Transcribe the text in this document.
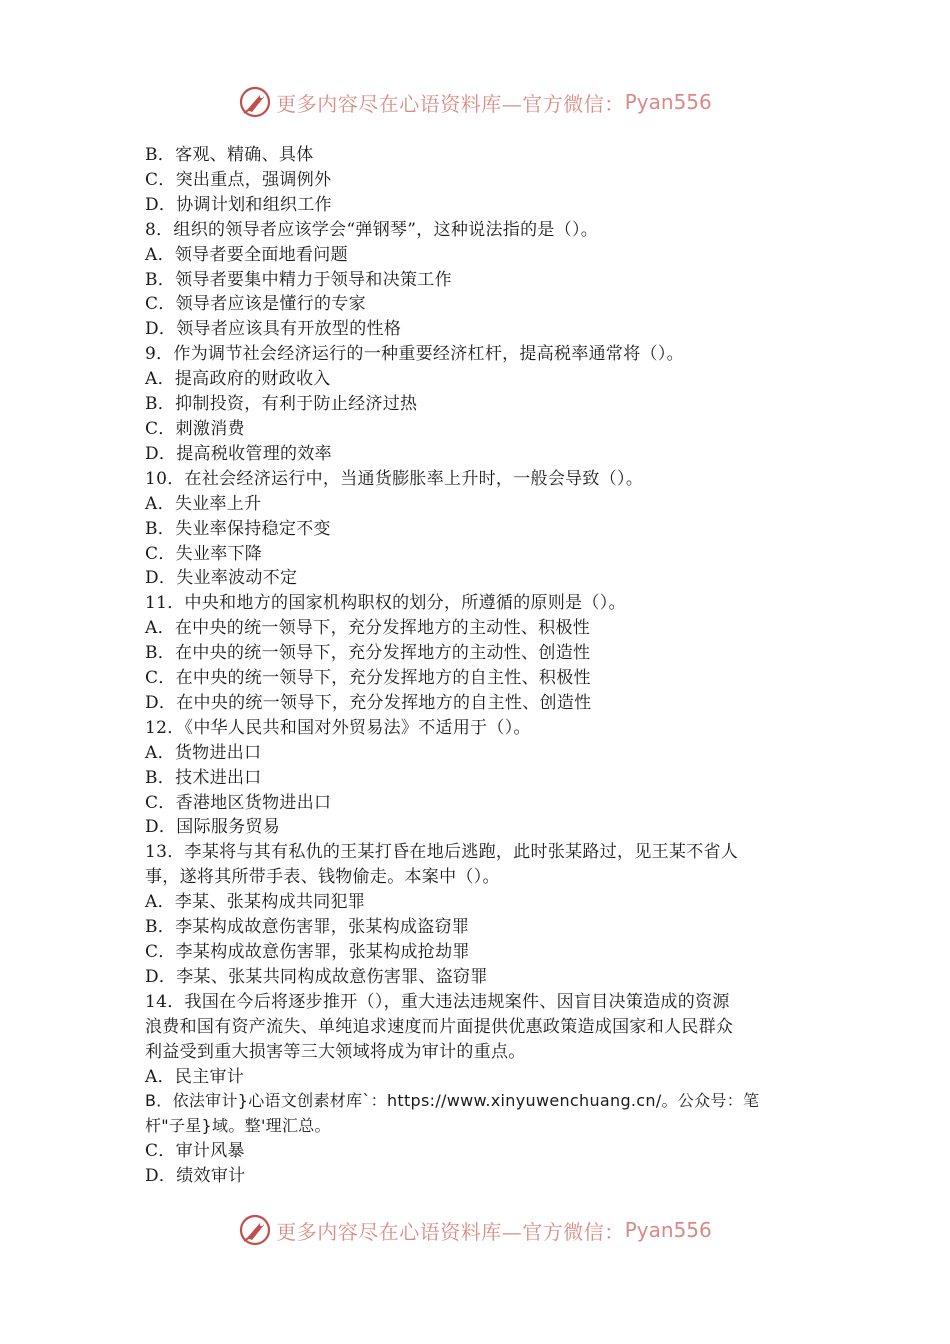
更多内容尽在心语资料库—官方微信： Pyan556
B．客观、精确、具体
C．突出重点，强调例外
D．协调计划和组织工作
8．组织的领导者应该学会“弹钢琴”，这种说法指的是（）。
A．领导者要全面地看问题
B．领导者要集中精力于领导和决策工作
C．领导者应该是懂行的专家
D．领导者应该具有开放型的性格
9．作为调节社会经济运行的一种重要经济杠杆，提高税率通常将（）。
A．提高政府的财政收入
B．抑制投资，有利于防止经济过热
C．刺激消费
D．提高税收管理的效率
10．在社会经济运行中，当通货膨胀率上升时，一般会导致（）。
A．失业率上升
B．失业率保持稳定不变
C．失业率下降
D．失业率波动不定
11．中央和地方的国家机构职权的划分，所遵循的原则是（）。
A．在中央的统一领导下，充分发挥地方的主动性、积极性
B．在中央的统一领导下，充分发挥地方的主动性、创造性
C．在中央的统一领导下，充分发挥地方的自主性、积极性
D．在中央的统一领导下，充分发挥地方的自主性、创造性
12．《中华人民共和国对外贸易法》不适用于（）。
A．货物进出口
B．技术进出口
C．香港地区货物进出口
D．国际服务贸易
13．李某将与其有私仇的王某打昏在地后逃跑，此时张某路过，见王某不省人
事，遂将其所带手表、钱物偷走。本案中（）。
A．李某、张某构成共同犯罪
B．李某构成故意伤害罪，张某构成盗窃罪
C．李某构成故意伤害罪，张某构成抢劫罪
D．李某、张某共同构成故意伤害罪、盗窃罪
14．我国在今后将逐步推开（），重大违法违规案件、因盲目决策造成的资源
浪费和国有资产流失、单纯追求速度而片面提供优惠政策造成国家和人民群众
利益受到重大损害等三大领域将成为审计的重点。
A．民主审计
B．依法审计}心语文创素材库`：https://www.xinyuwenchuang.cn/。公众号：笔
杆"子星}域。整'理汇总。
C．审计风暴
D．绩效审计
更多内容尽在心语资料库—官方微信： Pyan556
